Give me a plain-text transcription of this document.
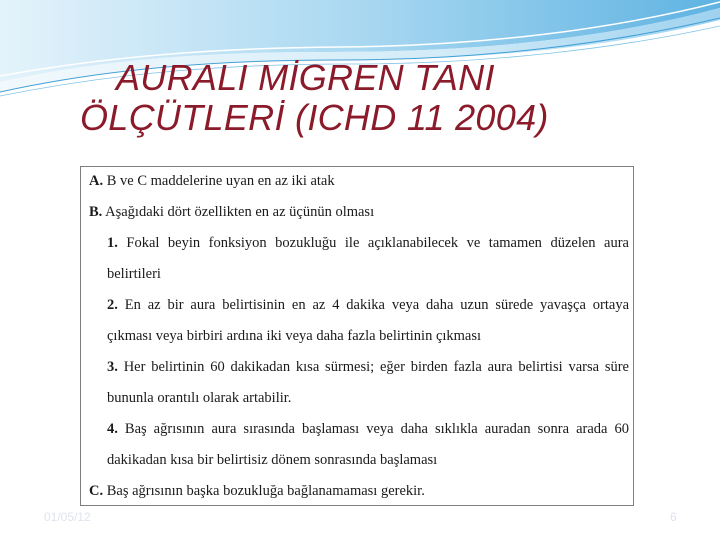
AURALI MİGREN TANI
ÖLÇÜTLERİ (ICHD 11 2004)
A. B ve C maddelerine uyan en az iki atak
B. Aşağıdaki dört özellikten en az üçünün olması
1. Fokal beyin fonksiyon bozukluğu ile açıklanabilecek ve tamamen düzelen aura
belirtileri
2. En az bir aura belirtisinin en az 4 dakika veya daha uzun sürede yavaşça ortaya
çıkması veya birbiri ardına iki veya daha fazla belirtinin çıkması
3. Her belirtinin 60 dakikadan kısa sürmesi; eğer birden fazla aura belirtisi varsa süre
bununla orantılı olarak artabilir.
4. Baş ağrısının aura sırasında başlaması veya daha sıklıkla auradan sonra arada 60
dakikadan kısa bir belirtisiz dönem sonrasında başlaması
C. Baş ağrısının başka bozukluğa bağlanamaması gerekir.
01/05/12	6
